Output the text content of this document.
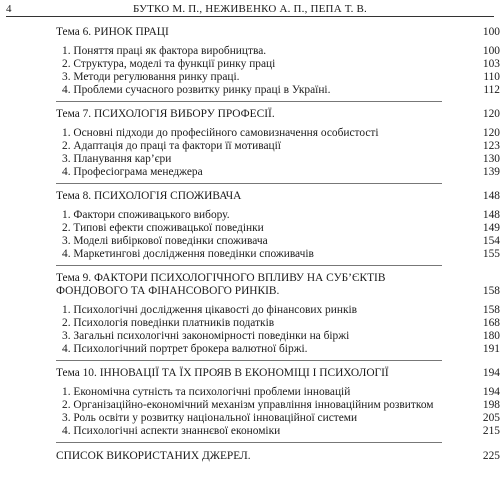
4	БУТКО М. П., НЕЖИВЕНКО А. П., ПЕПА Т. В.
Тема 6. РИНОК ПРАЦІ	100
1. Поняття праці як фактора виробництва.	100
2. Структура, моделі та функції ринку праці	103
3. Методи регулювання ринку праці.	110
4. Проблеми сучасного розвитку ринку праці в Україні.	112
Тема 7. ПСИХОЛОГІЯ ВИБОРУ ПРОФЕСІЇ.	120
1. Основні підходи до професійного самовизначення особистості	120
2. Адаптація до праці та фактори її мотивації	123
3. Планування кар’єри	130
4. Професіограма менеджера	139
Тема 8. ПСИХОЛОГІЯ СПОЖИВАЧА	148
1. Фактори споживацького вибору.	148
2. Типові ефекти споживацької поведінки	149
3. Моделі вибіркової поведінки споживача	154
4. Маркетингові дослідження поведінки споживачів	155
Тема 9. ФАКТОРИ ПСИХОЛОГІЧНОГО ВПЛИВУ НА СУБ’ЄКТІВ ФОНДОВОГО ТА ФІНАНСОВОГО РИНКІВ.	158
1. Психологічні дослідження цікавості до фінансових ринків	158
2. Психологія поведінки платників податків	168
3. Загальні психологічні закономірності поведінки на біржі	180
4. Психологічний портрет брокера валютної біржі.	191
Тема 10. ІННОВАЦІЇ ТА ЇХ ПРОЯВ В ЕКОНОМІЦІ І ПСИХОЛОГІЇ	194
1. Економічна сутність та психологічні проблеми інновацій	194
2. Організаційно-економічний механізм управління інноваційним розвитком	198
3. Роль освіти у розвитку національної інноваційної системи	205
4. Психологічні аспекти знаннєвої економіки	215
СПИСОК ВИКОРИСТАНИХ ДЖЕРЕЛ.	225
